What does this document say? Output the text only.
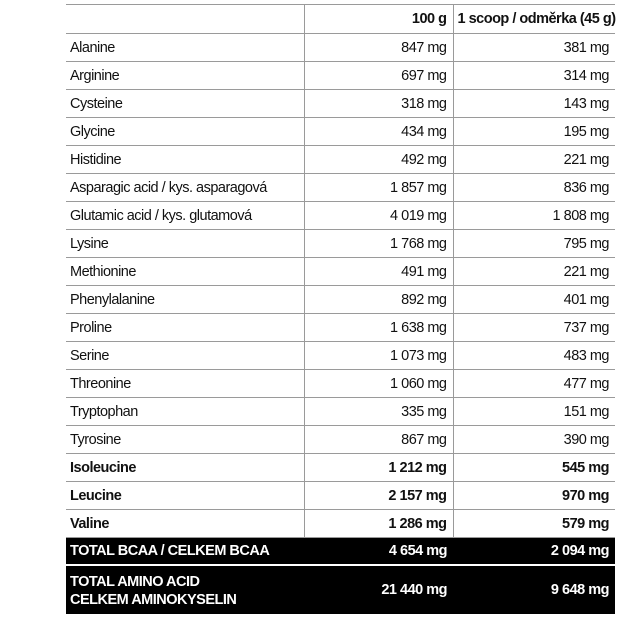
	100 g	1 scoop / odměrka (45 g)
Alanine	847 mg	381 mg
Arginine	697 mg	314 mg
Cysteine	318 mg	143 mg
Glycine	434 mg	195 mg
Histidine	492 mg	221 mg
Asparagic acid / kys. asparagová	1 857 mg	836 mg
Glutamic acid / kys. glutamová	4 019 mg	1 808 mg
Lysine	1 768 mg	795 mg
Methionine	491 mg	221 mg
Phenylalanine	892 mg	401 mg
Proline	1 638 mg	737 mg
Serine	1 073 mg	483 mg
Threonine	1 060 mg	477 mg
Tryptophan	335 mg	151 mg
Tyrosine	867 mg	390 mg
Isoleucine	1 212 mg	545 mg
Leucine	2 157 mg	970 mg
Valine	1 286 mg	579 mg
TOTAL BCAA / CELKEM BCAA	4 654 mg	2 094 mg

TOTAL AMINO ACID
CELKEM AMINOKYSELIN	21 440 mg	9 648 mg
